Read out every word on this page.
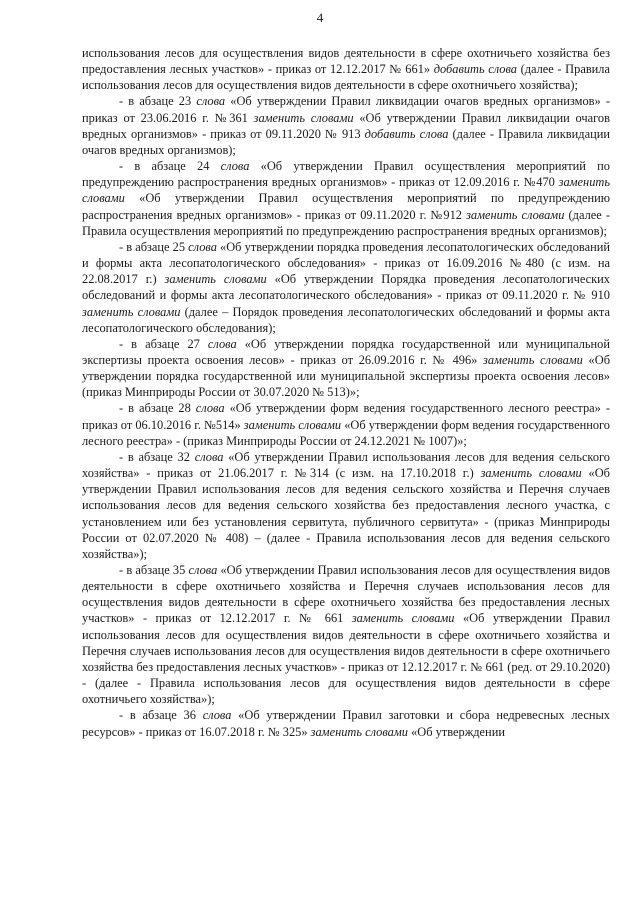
4

использования лесов для осуществления видов деятельности в сфере охотничьего хозяйства без предоставления лесных участков» - приказ от 12.12.2017 № 661» добавить слова (далее - Правила использования лесов для осуществления видов деятельности в сфере охотничьего хозяйства);

- в абзаце 23 слова «Об утверждении Правил ликвидации очагов вредных организмов» - приказ от 23.06.2016 г. №361 заменить словами «Об утверждении Правил ликвидации очагов вредных организмов» - приказ от 09.11.2020 № 913 добавить слова (далее - Правила ликвидации очагов вредных организмов);

- в абзаце 24 слова «Об утверждении Правил осуществления мероприятий по предупреждению распространения вредных организмов» - приказ от 12.09.2016 г. №470 заменить словами «Об утверждении Правил осуществления мероприятий по предупреждению распространения вредных организмов» - приказ от 09.11.2020 г. №912 заменить словами (далее - Правила осуществления мероприятий по предупреждению распространения вредных организмов);

- в абзаце 25 слова «Об утверждении порядка проведения лесопатологических обследований и формы акта лесопатологического обследования» - приказ от 16.09.2016 №480 (с изм. на 22.08.2017 г.) заменить словами «Об утверждении Порядка проведения лесопатологических обследований и формы акта лесопатологического обследования» - приказ от 09.11.2020 г. № 910 заменить словами (далее – Порядок проведения лесопатологических обследований и формы акта лесопатологического обследования);

- в абзаце 27 слова «Об утверждении порядка государственной или муниципальной экспертизы проекта освоения лесов» - приказ от 26.09.2016 г. № 496» заменить словами «Об утверждении порядка государственной или муниципальной экспертизы проекта освоения лесов» (приказ Минприроды России от 30.07.2020 № 513)»;

- в абзаце 28 слова «Об утверждении форм ведения государственного лесного реестра» - приказ от 06.10.2016 г. №514» заменить словами «Об утверждении форм ведения государственного лесного реестра» - (приказ Минприроды России от 24.12.2021 № 1007)»;

- в абзаце 32 слова «Об утверждении Правил использования лесов для ведения сельского хозяйства» - приказ от 21.06.2017 г. №314 (с изм. на 17.10.2018 г.) заменить словами «Об утверждении Правил использования лесов для ведения сельского хозяйства и Перечня случаев использования лесов для ведения сельского хозяйства без предоставления лесного участка, с установлением или без установления сервитута, публичного сервитута» - (приказ Минприроды России от 02.07.2020 № 408) – (далее - Правила использования лесов для ведения сельского хозяйства»);

- в абзаце 35 слова «Об утверждении Правил использования лесов для осуществления видов деятельности в сфере охотничьего хозяйства и Перечня случаев использования лесов для осуществления видов деятельности в сфере охотничьего хозяйства без предоставления лесных участков» - приказ от 12.12.2017 г. № 661 заменить словами «Об утверждении Правил использования лесов для осуществления видов деятельности в сфере охотничьего хозяйства и Перечня случаев использования лесов для осуществления видов деятельности в сфере охотничьего хозяйства без предоставления лесных участков» - приказ от 12.12.2017 г. № 661 (ред. от 29.10.2020) - (далее - Правила использования лесов для осуществления видов деятельности в сфере охотничьего хозяйства»);

- в абзаце 36 слова «Об утверждении Правил заготовки и сбора недревесных лесных ресурсов» - приказ от 16.07.2018 г. № 325» заменить словами «Об утверждении
